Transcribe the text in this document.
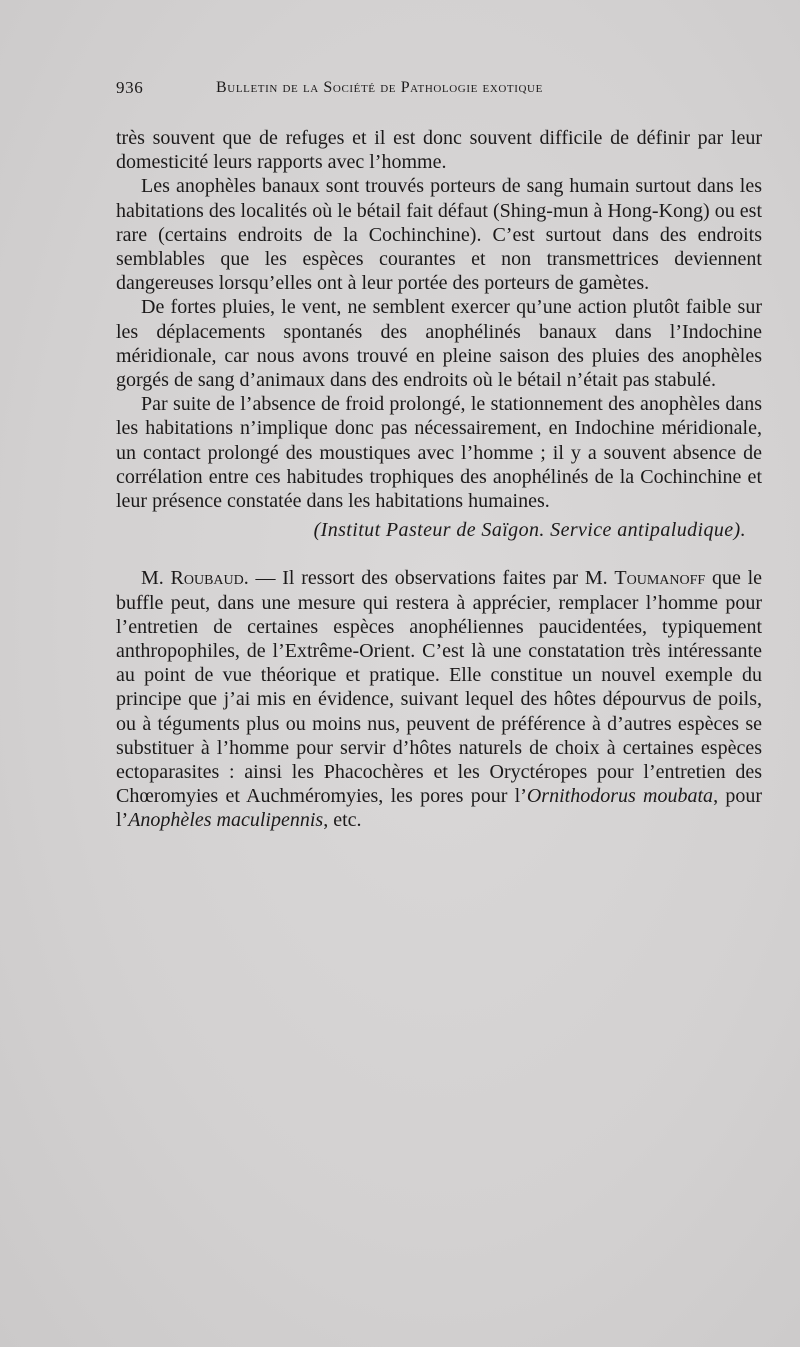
936	Bulletin de la Société de Pathologie exotique

très souvent que de refuges et il est donc souvent difficile de définir par leur domesticité leurs rapports avec l’homme.

Les anophèles banaux sont trouvés porteurs de sang humain surtout dans les habitations des localités où le bétail fait défaut (Shing-mun à Hong-Kong) ou est rare (certains endroits de la Cochinchine). C’est surtout dans des endroits semblables que les espèces courantes et non transmettrices deviennent dangereuses lorsqu’elles ont à leur portée des porteurs de gamètes.

De fortes pluies, le vent, ne semblent exercer qu’une action plutôt faible sur les déplacements spontanés des anophélinés banaux dans l’Indochine méridionale, car nous avons trouvé en pleine saison des pluies des anophèles gorgés de sang d’animaux dans des endroits où le bétail n’était pas stabulé.

Par suite de l’absence de froid prolongé, le stationnement des anophèles dans les habitations n’implique donc pas nécessairement, en Indochine méridionale, un contact prolongé des moustiques avec l’homme ; il y a souvent absence de corrélation entre ces habitudes trophiques des anophélinés de la Cochinchine et leur présence constatée dans les habitations humaines.

(Institut Pasteur de Saïgon. Service antipaludique).

M. Roubaud. — Il ressort des observations faites par M. Toumanoff que le buffle peut, dans une mesure qui restera à apprécier, remplacer l’homme pour l’entretien de certaines espèces anophéliennes paucidentées, typiquement anthropophiles, de l’Extrême-Orient. C’est là une constatation très intéressante au point de vue théorique et pratique. Elle constitue un nouvel exemple du principe que j’ai mis en évidence, suivant lequel des hôtes dépourvus de poils, ou à téguments plus ou moins nus, peuvent de préférence à d’autres espèces se substituer à l’homme pour servir d’hôtes naturels de choix à certaines espèces ectoparasites : ainsi les Phacochères et les Oryctéropes pour l’entretien des Chœromyies et Auchméromyies, les pores pour l’Ornithodorus moubata, pour l’Anophèles maculipennis, etc.
